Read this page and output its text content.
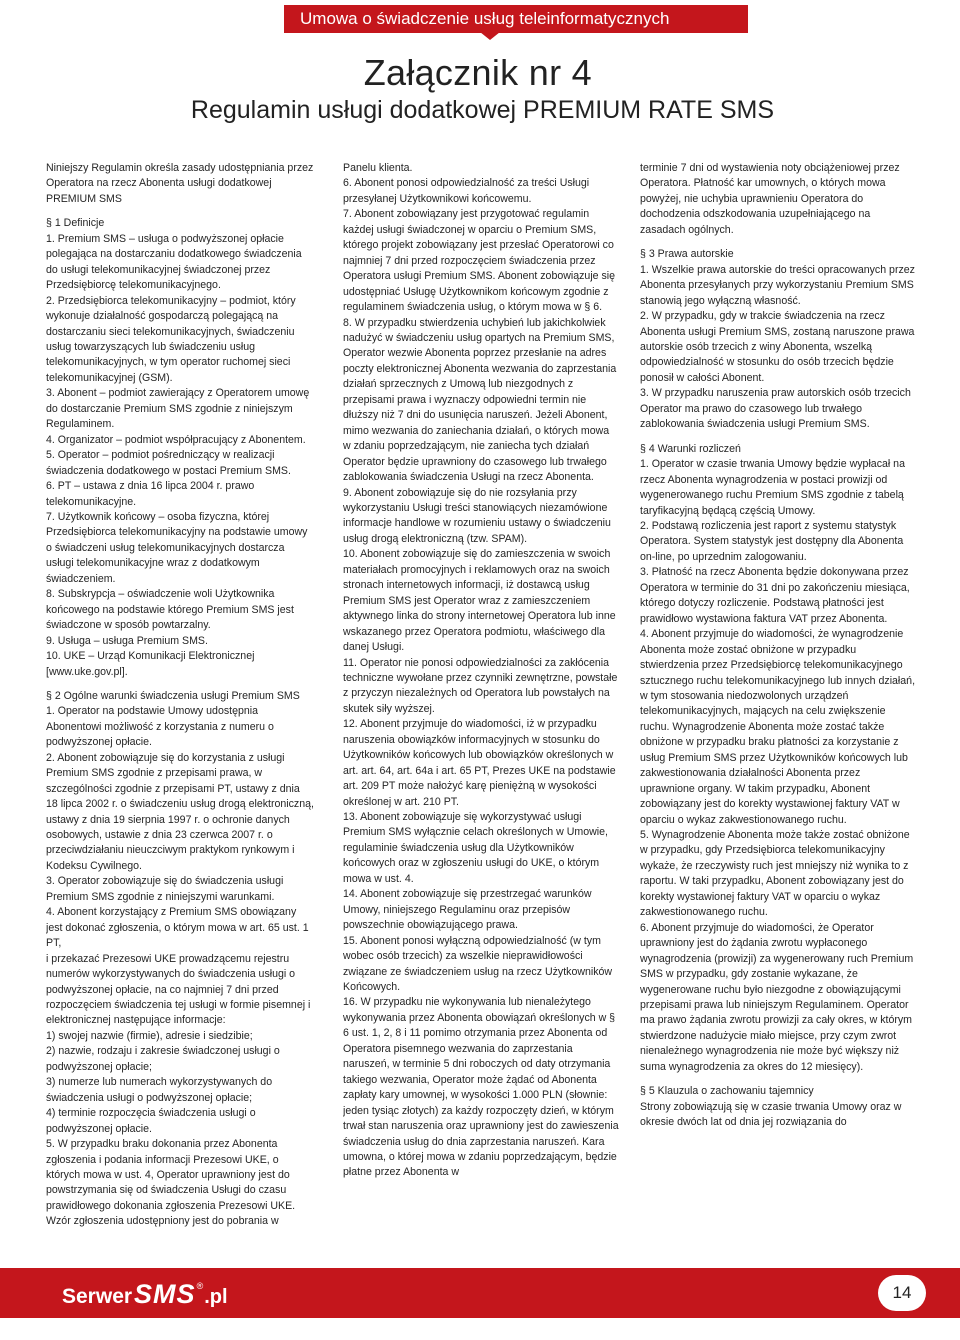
Umowa o świadczenie usług teleinformatycznych
Załącznik nr 4
Regulamin usługi dodatkowej PREMIUM RATE SMS

Niniejszy Regulamin określa zasady udostępniania przez Operatora na rzecz Abonenta usługi dodatkowej PREMIUM SMS

§ 1 Definicje

1. Premium SMS – usługa o podwyższonej opłacie polegająca na dostarczaniu dodatkowego świadczenia do usługi telekomunikacyjnej świadczonej przez Przedsiębiorcę telekomunikacyjnego.

2. Przedsiębiorca telekomunikacyjny – podmiot, który wykonuje działalność gospodarczą polegającą na dostarczaniu sieci telekomunikacyjnych, świadczeniu usług towarzyszących lub świadczeniu usług telekomunikacyjnych, w tym operator ruchomej sieci telekomunikacyjnej (GSM).

3. Abonent – podmiot zawierający z Operatorem umowę do dostarczanie Premium SMS zgodnie z niniejszym Regulaminem.

4. Organizator – podmiot współpracujący z Abonentem.

5. Operator – podmiot pośredniczący w realizacji świadczenia dodatkowego w postaci Premium SMS.

6. PT – ustawa z dnia 16 lipca 2004 r. prawo telekomunikacyjne.

7. Użytkownik końcowy – osoba fizyczna, której Przedsiębiorca telekomunikacyjny na podstawie umowy o świadczeni usług telekomunikacyjnych dostarcza usługi telekomunikacyjne wraz z dodatkowym świadczeniem.

8. Subskrypcja – oświadczenie woli Użytkownika końcowego na podstawie którego Premium SMS jest świadczone w sposób powtarzalny.

9. Usługa – usługa Premium SMS.

10. UKE – Urząd Komunikacji Elektronicznej [www.uke.gov.pl].

§ 2 Ogólne warunki świadczenia usługi Premium SMS

1. Operator na podstawie Umowy udostępnia Abonentowi możliwość z korzystania z numeru o podwyższonej opłacie.

2. Abonent zobowiązuje się do korzystania z usługi Premium SMS zgodnie z przepisami prawa, w szczególności zgodnie z przepisami PT, ustawy z dnia 18 lipca 2002 r. o świadczeniu usług drogą elektroniczną, ustawy z dnia 19 sierpnia 1997 r. o ochronie danych osobowych, ustawie z dnia 23 czerwca 2007 r. o przeciwdziałaniu nieuczciwym praktykom rynkowym i Kodeksu Cywilnego.

3. Operator zobowiązuje się do świadczenia usługi Premium SMS zgodnie z niniejszymi warunkami.

4. Abonent korzystający z Premium SMS obowiązany jest dokonać zgłoszenia, o którym mowa w art. 65 ust. 1 PT,

i przekazać Prezesowi UKE prowadzącemu rejestru numerów wykorzystywanych do świadczenia usługi o podwyższonej opłacie, na co najmniej 7 dni przed rozpoczęciem świadczenia tej usługi w formie pisemnej i elektronicznej następujące informacje:

1) swojej nazwie (firmie), adresie i siedzibie;

2) nazwie, rodzaju i zakresie świadczonej usługi o podwyższonej opłacie;

3) numerze lub numerach wykorzystywanych do świadczenia usługi o podwyższonej opłacie;

4) terminie rozpoczęcia świadczenia usługi o podwyższonej opłacie.

5. W przypadku braku dokonania przez Abonenta zgłoszenia i podania informacji Prezesowi UKE, o których mowa w ust. 4, Operator uprawniony jest do powstrzymania się od świadczenia Usługi do czasu prawidłowego dokonania zgłoszenia Prezesowi UKE. Wzór zgłoszenia udostępniony jest do pobrania w

Panelu klienta.

6. Abonent ponosi odpowiedzialność za treści Usługi przesyłanej Użytkownikowi końcowemu.

7. Abonent zobowiązany jest przygotować regulamin każdej usługi świadczonej w oparciu o Premium SMS, którego projekt zobowiązany jest przesłać Operatorowi co najmniej 7 dni przed rozpoczęciem świadczenia przez Operatora usługi Premium SMS. Abonent zobowiązuje się udostępniać Usługę Użytkownikom końcowym zgodnie z regulaminem świadczenia usług, o którym mowa w § 6.

8. W przypadku stwierdzenia uchybień lub jakichkolwiek nadużyć w świadczeniu usług opartych na Premium SMS, Operator wezwie Abonenta poprzez przesłanie na adres poczty elektronicznej Abonenta wezwania do zaprzestania działań sprzecznych z Umową lub niezgodnych z przepisami prawa i wyznaczy odpowiedni termin nie dłuższy niż 7 dni do usunięcia naruszeń. Jeżeli Abonent, mimo wezwania do zaniechania działań, o których mowa w zdaniu poprzedzającym, nie zaniecha tych działań Operator będzie uprawniony do czasowego lub trwałego zablokowania świadczenia Usługi na rzecz Abonenta.

9. Abonent zobowiązuje się do nie rozsyłania przy wykorzystaniu Usługi treści stanowiących niezamówione informacje handlowe w rozumieniu ustawy o świadczeniu usług drogą elektroniczną (tzw. SPAM).

10. Abonent zobowiązuje się do zamieszczenia w swoich materiałach promocyjnych i reklamowych oraz na swoich stronach internetowych informacji, iż dostawcą usług Premium SMS jest Operator wraz z zamieszczeniem aktywnego linka do strony internetowej Operatora lub inne wskazanego przez Operatora podmiotu, właściwego dla danej Usługi.

11. Operator nie ponosi odpowiedzialności za zakłócenia techniczne wywołane przez czynniki zewnętrzne, powstałe z przyczyn niezależnych od Operatora lub powstałych na skutek siły wyższej.

12. Abonent przyjmuje do wiadomości, iż w przypadku naruszenia obowiązków informacyjnych w stosunku do Użytkowników końcowych lub obowiązków określonych w art. art. 64, art. 64a i art. 65 PT, Prezes UKE na podstawie art. 209 PT może nałożyć karę pieniężną w wysokości określonej w art. 210 PT.

13. Abonent zobowiązuje się wykorzystywać usługi Premium SMS wyłącznie celach określonych w Umowie, regulaminie świadczenia usług dla Użytkowników końcowych oraz w zgłoszeniu usługi do UKE, o którym mowa w ust. 4.

14. Abonent zobowiązuje się przestrzegać warunków Umowy, niniejszego Regulaminu oraz przepisów powszechnie obowiązującego prawa.

15. Abonent ponosi wyłączną odpowiedzialność (w tym wobec osób trzecich) za wszelkie nieprawidłowości związane ze świadczeniem usług na rzecz Użytkowników Końcowych.

16. W przypadku nie wykonywania lub nienależytego wykonywania przez Abonenta obowiązań określonych w § 6 ust. 1, 2, 8 i 11 pomimo otrzymania przez Abonenta od Operatora pisemnego wezwania do zaprzestania naruszeń, w terminie 5 dni roboczych od daty otrzymania takiego wezwania, Operator może żądać od Abonenta zapłaty kary umownej, w wysokości 1.000 PLN (słownie: jeden tysiąc złotych) za każdy rozpoczęty dzień, w którym trwał stan naruszenia oraz uprawniony jest do zawieszenia świadczenia usług do dnia zaprzestania naruszeń. Kara umowna, o której mowa w zdaniu poprzedzającym, będzie płatne przez Abonenta w

terminie 7 dni od wystawienia noty obciążeniowej przez Operatora. Płatność kar umownych, o których mowa powyżej, nie uchybia uprawnieniu Operatora do dochodzenia odszkodowania uzupełniającego na zasadach ogólnych.

§ 3 Prawa autorskie

1. Wszelkie prawa autorskie do treści opracowanych przez Abonenta przesyłanych przy wykorzystaniu Premium SMS stanowią jego wyłączną własność.

2. W przypadku, gdy w trakcie świadczenia na rzecz Abonenta usługi Premium SMS, zostaną naruszone prawa autorskie osób trzecich z winy Abonenta, wszelką odpowiedzialność w stosunku do osób trzecich będzie ponosił w całości Abonent.

3. W przypadku naruszenia praw autorskich osób trzecich Operator ma prawo do czasowego lub trwałego zablokowania świadczenia usługi Premium SMS.

§ 4 Warunki rozliczeń

1. Operator w czasie trwania Umowy będzie wypłacał na rzecz Abonenta wynagrodzenia w postaci prowizji od wygenerowanego ruchu Premium SMS zgodnie z tabelą taryfikacyjną będącą częścią Umowy.

2. Podstawą rozliczenia jest raport z systemu statystyk Operatora. System statystyk jest dostępny dla Abonenta on-line, po uprzednim zalogowaniu.

3. Płatność na rzecz Abonenta będzie dokonywana przez Operatora w terminie do 31 dni po zakończeniu miesiąca, którego dotyczy rozliczenie. Podstawą płatności jest prawidłowo wystawiona faktura VAT przez Abonenta.

4. Abonent przyjmuje do wiadomości, że wynagrodzenie Abonenta może zostać obniżone w przypadku stwierdzenia przez Przedsiębiorcę telekomunikacyjnego sztucznego ruchu telekomunikacyjnego lub innych działań, w tym stosowania niedozwolonych urządzeń telekomunikacyjnych, mających na celu zwiększenie ruchu. Wynagrodzenie Abonenta może zostać także obniżone w przypadku braku płatności za korzystanie z usług Premium SMS przez Użytkowników końcowych lub zakwestionowania działalności Abonenta przez uprawnione organy. W takim przypadku, Abonent zobowiązany jest do korekty wystawionej faktury VAT w oparciu o wykaz zakwestionowanego ruchu.

5. Wynagrodzenie Abonenta może także zostać obniżone w przypadku, gdy Przedsiębiorca telekomunikacyjny wykaże, że rzeczywisty ruch jest mniejszy niż wynika to z raportu. W taki przypadku, Abonent zobowiązany jest do korekty wystawionej faktury VAT w oparciu o wykaz zakwestionowanego ruchu.

6. Abonent przyjmuje do wiadomości, że Operator uprawniony jest do żądania zwrotu wypłaconego wynagrodzenia (prowizji) za wygenerowany ruch Premium SMS w przypadku, gdy zostanie wykazane, że wygenerowane ruchu było niezgodne z obowiązującymi przepisami prawa lub niniejszym Regulaminem. Operator ma prawo żądania zwrotu prowizji za cały okres, w którym stwierdzone nadużycie miało miejsce, przy czym zwrot nienależnego wynagrodzenia nie może być większy niż suma wynagrodzenia za okres do 12 miesięcy).

§ 5 Klauzula o zachowaniu tajemnicy

Strony zobowiązują się w czasie trwania Umowy oraz w okresie dwóch lat od dnia jej rozwiązania do

Serwer SMS ® .pl	14
